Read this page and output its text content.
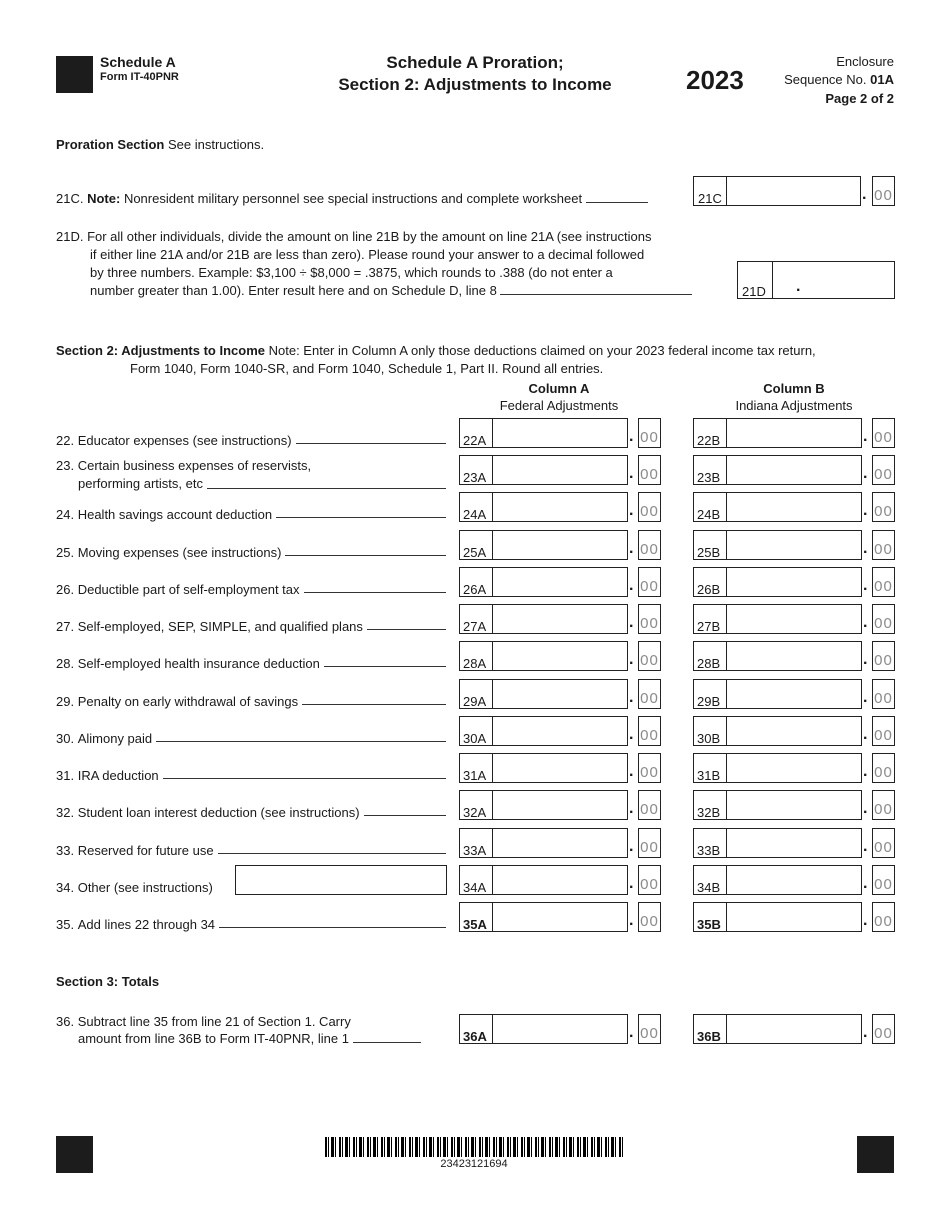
Schedule A
Form IT-40PNR
Schedule A Proration;
Section 2: Adjustments to Income	2023
Enclosure
Sequence No. 01A
Page 2 of 2
Proration Section See instructions.
21C. Note: Nonresident military personnel see special instructions and complete worksheet	21C	. 00
21D. For all other individuals, divide the amount on line 21B by the amount on line 21A (see instructions
if either line 21A and/or 21B are less than zero). Please round your answer to a decimal followed
by three numbers. Example: $3,100 ÷ $8,000 = .3875, which rounds to .388 (do not enter a
number greater than 1.00). Enter result here and on Schedule D, line 8	21D .
Section 2: Adjustments to Income Note: Enter in Column A only those deductions claimed on your 2023 federal income tax return,
Form 1040, Form 1040-SR, and Form 1040, Schedule 1, Part II. Round all entries.
Column A
Federal Adjustments
Column B
Indiana Adjustments
22.
Educator expenses (see instructions)	22A	. 00	22B	. 00
23. Certain business expenses of reservists,
performing artists, etc	23A	. 00	23B	. 00
24.
Health savings account deduction	24A	. 00	24B	. 00
25.
Moving expenses (see instructions)	25A	. 00	25B	. 00
26.
Deductible part of self-employment tax	26A	. 00	26B	. 00
27.
Self-employed, SEP, SIMPLE, and qualified plans	27A	. 00	27B	. 00
28.
Self-employed health insurance deduction	28A	. 00	28B	. 00
29.
Penalty on early withdrawal of savings	29A	. 00	29B	. 00
30.
Alimony paid	30A	. 00	30B	. 00
31.
IRA deduction	31A	. 00	31B	. 00
32.
Student loan interest deduction (see instructions)	32A	. 00	32B	. 00
33.
Reserved for future use	33A	. 00	33B	. 00
34.
Other (see instructions)	34A	. 00	34B	. 00
35.
Add lines 22 through 34	35A	. 00	35B	. 00
Section 3: Totals
36. Subtract line 35 from line 21 of Section 1. Carry
amount from line 36B to Form IT-40PNR, line 1	36A	. 00	36B	. 00
23423121694
